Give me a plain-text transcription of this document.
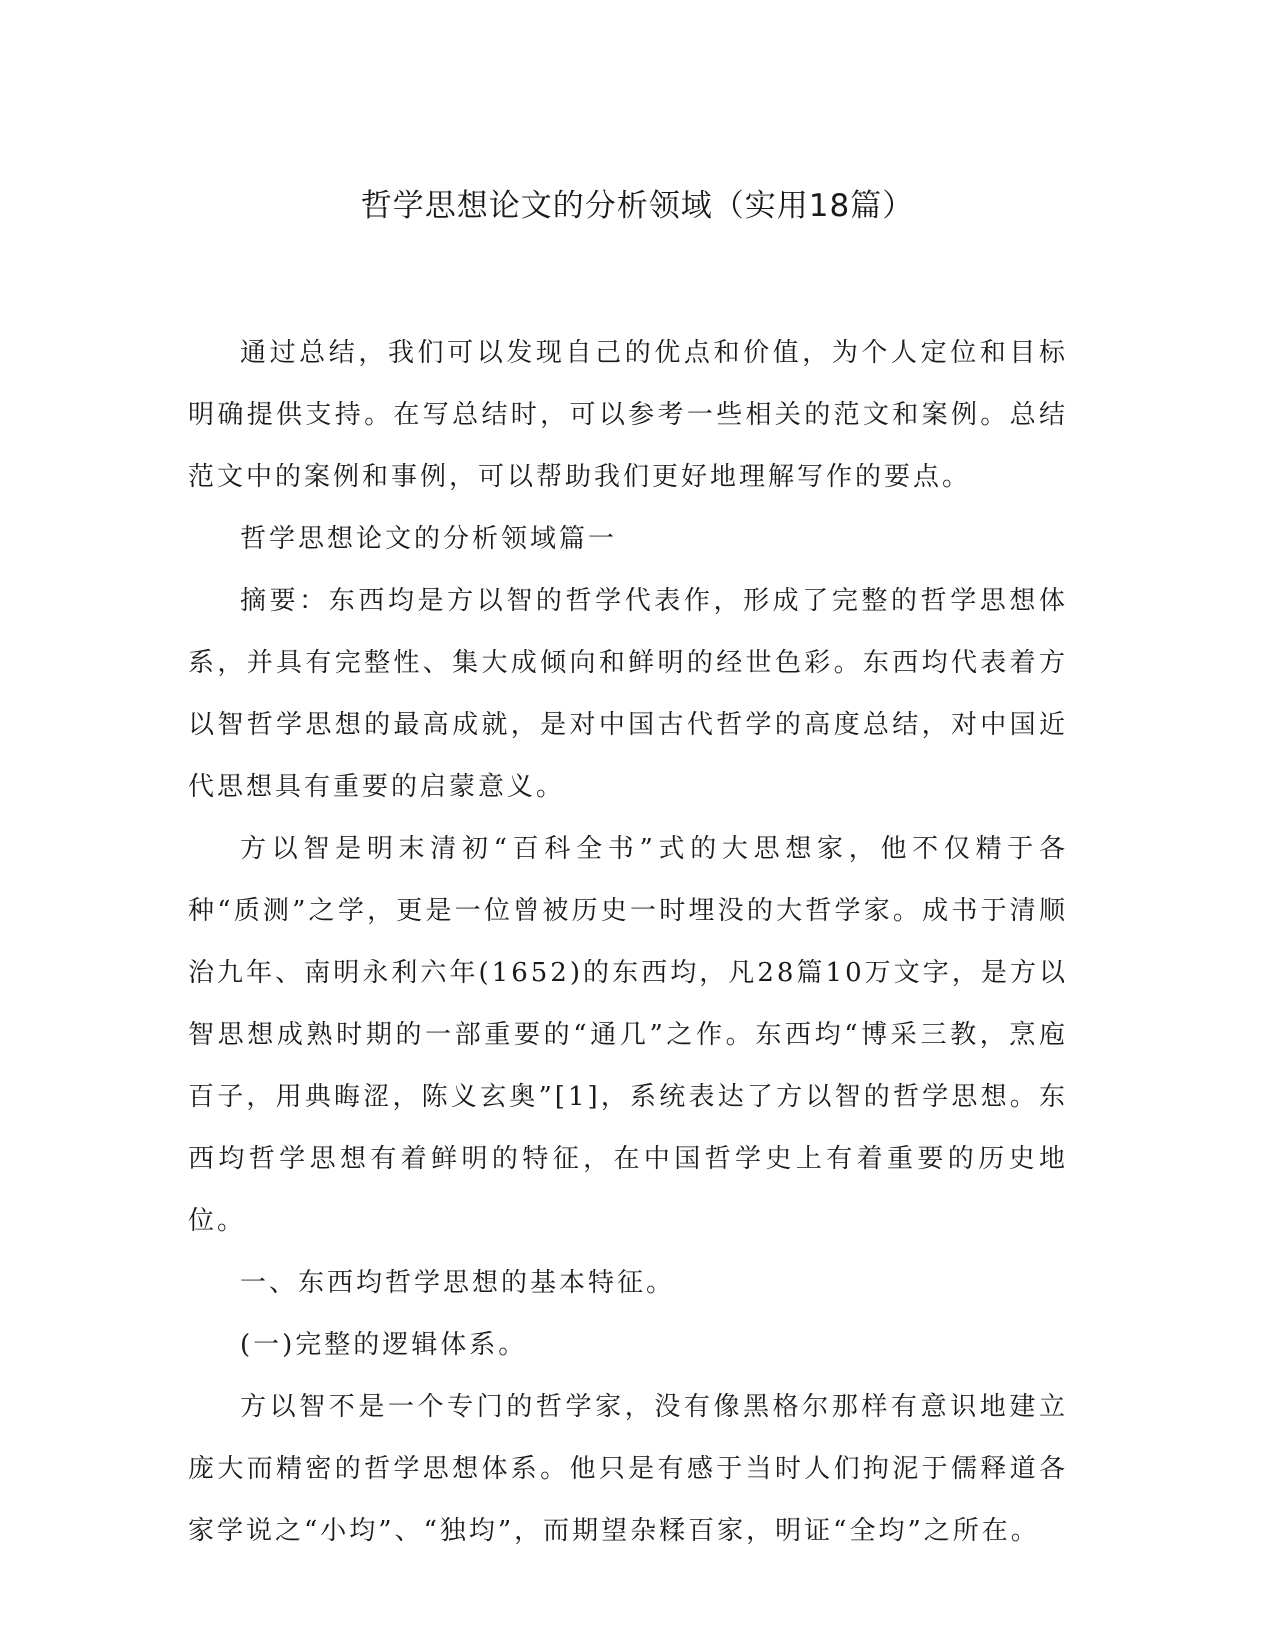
哲学思想论文的分析领域（实用18篇）

通过总结，我们可以发现自己的优点和价值，为个人定位和目标明确提供支持。在写总结时，可以参考一些相关的范文和案例。总结范文中的案例和事例，可以帮助我们更好地理解写作的要点。

哲学思想论文的分析领域篇一

摘要：东西均是方以智的哲学代表作，形成了完整的哲学思想体系，并具有完整性、集大成倾向和鲜明的经世色彩。东西均代表着方以智哲学思想的最高成就，是对中国古代哲学的高度总结，对中国近代思想具有重要的启蒙意义。

方以智是明末清初“百科全书”式的大思想家，他不仅精于各种“质测”之学，更是一位曾被历史一时埋没的大哲学家。成书于清顺治九年、南明永利六年(1652)的东西均，凡28篇10万文字，是方以智思想成熟时期的一部重要的“通几”之作。东西均“博采三教，烹庖百子，用典晦涩，陈义玄奥”[1]，系统表达了方以智的哲学思想。东西均哲学思想有着鲜明的特征，在中国哲学史上有着重要的历史地位。

一、东西均哲学思想的基本特征。

(一)完整的逻辑体系。

方以智不是一个专门的哲学家，没有像黑格尔那样有意识地建立庞大而精密的哲学思想体系。他只是有感于当时人们拘泥于儒释道各家学说之“小均”、“独均”，而期望杂糅百家，明证“全均”之所在。
